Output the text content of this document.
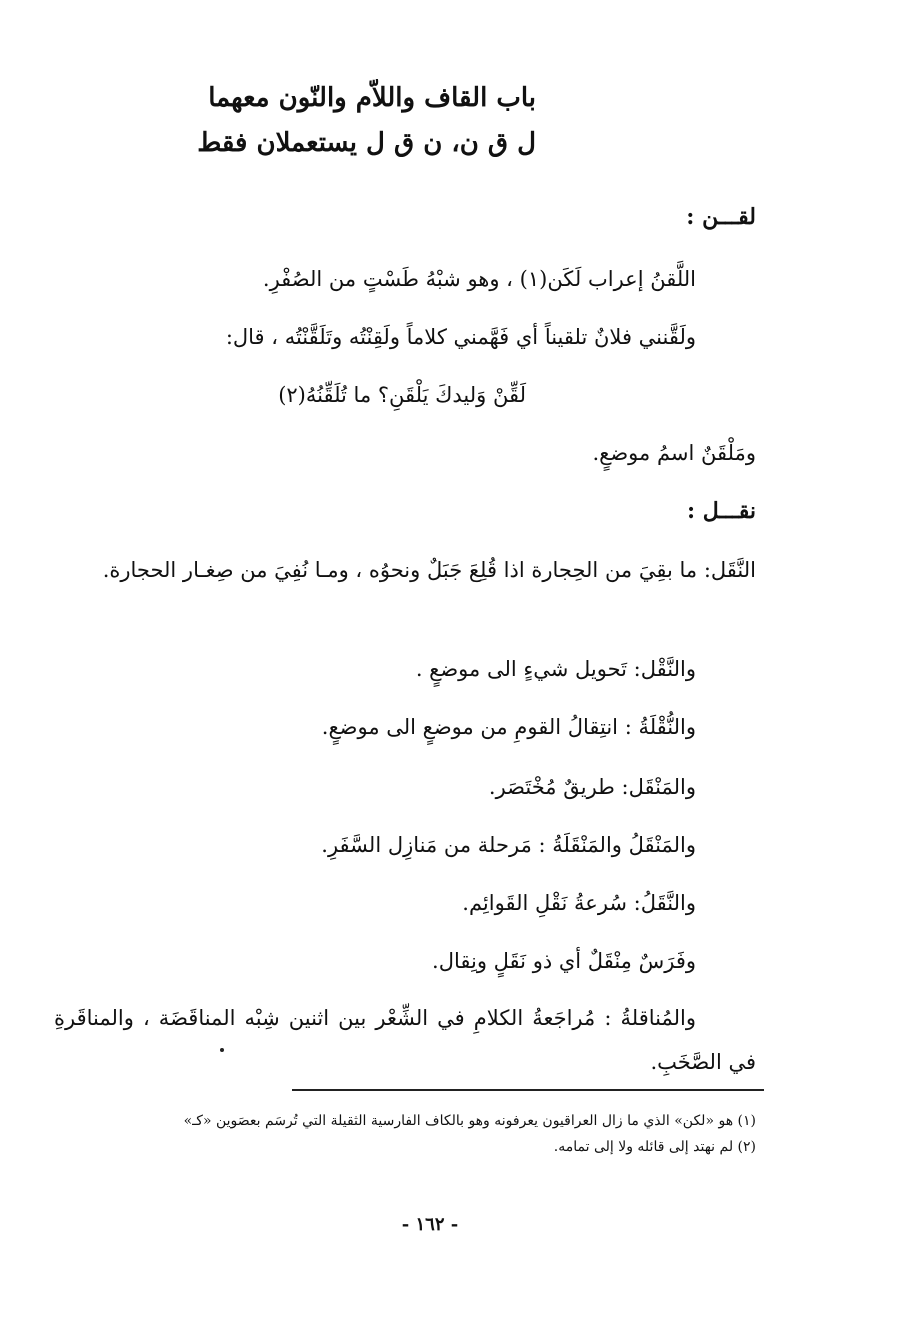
باب القاف واللاّم والنّون معهما
ل ق ن، ن ق ل يستعملان فقط
لقـــن :
اللَّقنُ إعراب لَكَن(١) ، وهو شبْهُ طَسْتٍ من الصُفْرِ.
ولَقَّنني فلانٌ تلقيناً أي فَهَّمني كلاماً ولَقِنْتُه وتَلَقَّنْتُه ، قال:
لَقِّنْ وَليدكَ يَلْقَنِ؟ ما تُلَقِّنُهُ(٢)
ومَلْقَنٌ اسمُ موضعٍ.
نقـــل :
النَّقَل: ما بقِيَ من الحِجارة اذا قُلِعَ جَبَلٌ ونحوُه ، ومـا نُفِيَ من صِغـار الحجارة.
والنَّقْل: تَحويل شيءٍ الى موضعٍ .
والنُّقْلَةُ : انتِقالُ القومِ من موضعٍ الى موضعٍ.
والمَنْقَل: طريقٌ مُخْتَصَر.
والمَنْقَلُ والمَنْقَلَةُ : مَرحلة من مَنازِل السَّفَرِ.
والنَّقَلُ: سُرعةُ نَقْلِ القَوائِم.
وفَرَسٌ مِنْقَلٌ أي ذو نَقَلٍ ونِقال.
والمُناقلةُ : مُراجَعةُ الكلامِ في الشِّعْر بين اثنين شِبْه المناقَضَة ، والمناقَرةِ في الصَّخَبِ.
(١) هو «لكن» الذي ما زال العراقيون يعرفونه وهو بالكاف الفارسية الثقيلة التي تُرسَم بعصَوين «كـ»
(٢) لم نهتد إلى قائله ولا إلى تمامه.
- ١٦٢ -
